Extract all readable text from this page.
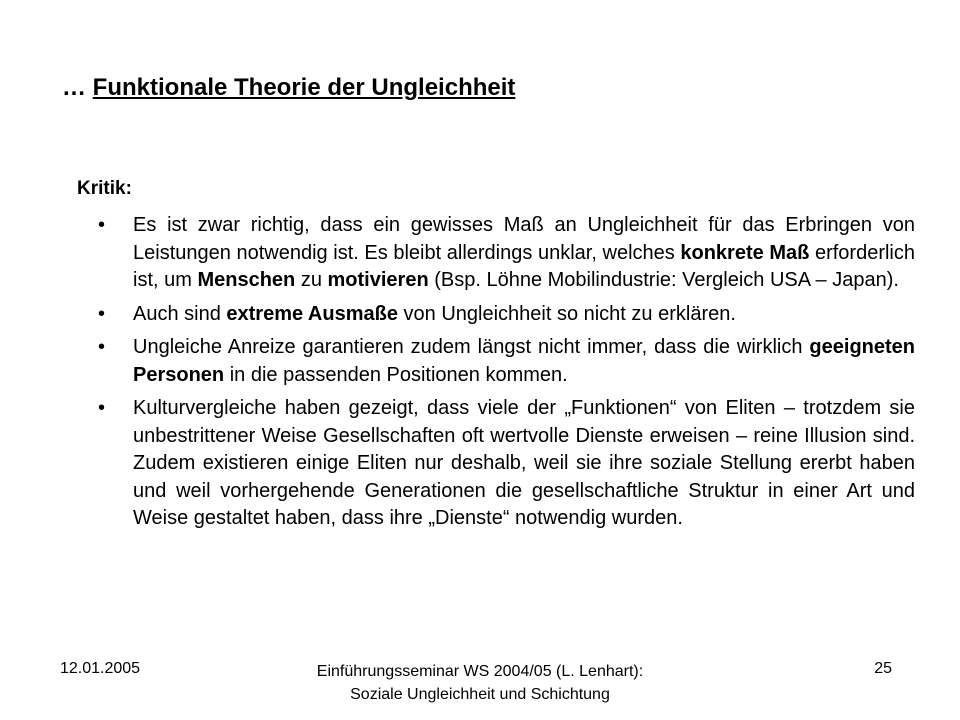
… Funktionale Theorie der Ungleichheit
Kritik:
• Es ist zwar richtig, dass ein gewisses Maß an Ungleichheit für das Erbringen von Leistungen notwendig ist. Es bleibt allerdings unklar, welches konkrete Maß erforderlich ist, um Menschen zu motivieren (Bsp. Löhne Mobilindustrie: Vergleich USA – Japan).
• Auch sind extreme Ausmaße von Ungleichheit so nicht zu erklären.
• Ungleiche Anreize garantieren zudem längst nicht immer, dass die wirklich geeigneten Personen in die passenden Positionen kommen.
• Kulturvergleiche haben gezeigt, dass viele der „Funktionen“ von Eliten – trotzdem sie unbestrittener Weise Gesellschaften oft wertvolle Dienste erweisen – reine Illusion sind. Zudem existieren einige Eliten nur deshalb, weil sie ihre soziale Stellung ererbt haben und weil vorhergehende Generationen die gesellschaftliche Struktur in einer Art und Weise gestaltet haben, dass ihre „Dienste“ notwendig wurden.
12.01.2005	Einführungsseminar WS 2004/05 (L. Lenhart):
Soziale Ungleichheit und Schichtung
25
